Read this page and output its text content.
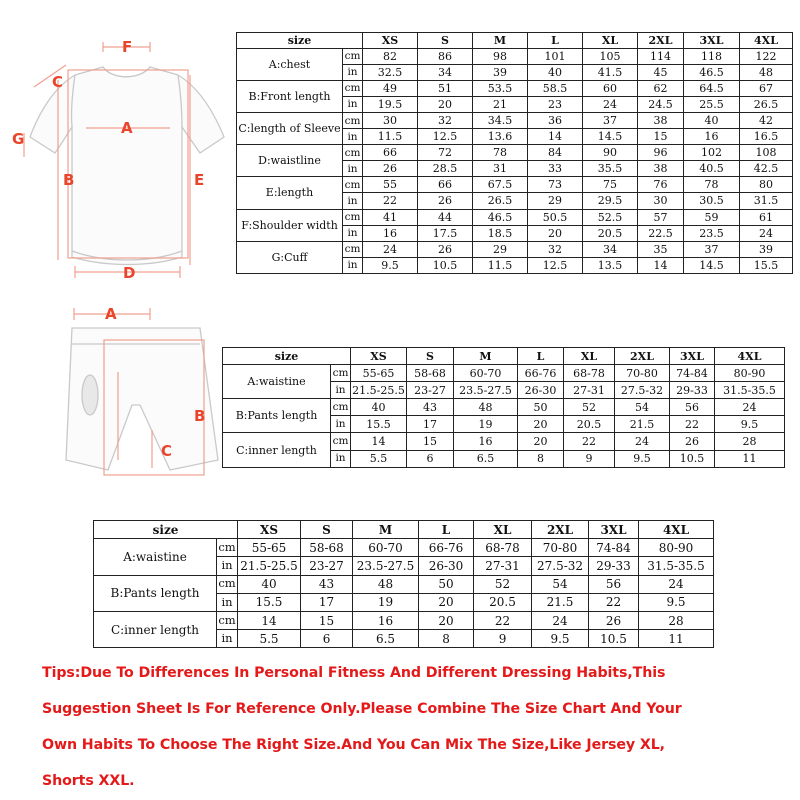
F
C
G
A
B	E
D
A
B
C
size		XS	S	M	L	XL	2XL	3XL	4XL
A:chest	cm	82	86	98	101	105	114	118	122
	in	32.5	34	39	40	41.5	45	46.5	48
B:Front length	cm	49	51	53.5	58.5	60	62	64.5	67
	in	19.5	20	21	23	24	24.5	25.5	26.5
C:length of Sleeve	cm	30	32	34.5	36	37	38	40	42
	in	11.5	12.5	13.6	14	14.5	15	16	16.5
D:waistline	cm	66	72	78	84	90	96	102	108
	in	26	28.5	31	33	35.5	38	40.5	42.5
E:length	cm	55	66	67.5	73	75	76	78	80
	in	22	26	26.5	29	29.5	30	30.5	31.5
F:Shoulder width	cm	41	44	46.5	50.5	52.5	57	59	61
	in	16	17.5	18.5	20	20.5	22.5	23.5	24
G:Cuff	cm	24	26	29	32	34	35	37	39
	in	9.5	10.5	11.5	12.5	13.5	14	14.5	15.5
size		XS	S	M	L	XL	2XL	3XL	4XL
A:waistine	cm	55-65	58-68	60-70	66-76	68-78	70-80	74-84	80-90
	in	21.5-25.5	23-27	23.5-27.5	26-30	27-31	27.5-32	29-33	31.5-35.5
B:Pants length	cm	40	43	48	50	52	54	56	24
	in	15.5	17	19	20	20.5	21.5	22	9.5
C:inner length	cm	14	15	16	20	22	24	26	28
	in	5.5	6	6.5	8	9	9.5	10.5	11
size		XS	S	M	L	XL	2XL	3XL	4XL
A:waistine	cm	55-65	58-68	60-70	66-76	68-78	70-80	74-84	80-90
	in	21.5-25.5	23-27	23.5-27.5	26-30	27-31	27.5-32	29-33	31.5-35.5
B:Pants length	cm	40	43	48	50	52	54	56	24
	in	15.5	17	19	20	20.5	21.5	22	9.5
C:inner length	cm	14	15	16	20	22	24	26	28
	in	5.5	6	6.5	8	9	9.5	10.5	11
Tips:Due To Differences In Personal Fitness And Different Dressing Habits,This
Suggestion Sheet Is For Reference Only.Please Combine The Size Chart And Your
Own Habits To Choose The Right Size.And You Can Mix The Size,Like Jersey XL,
Shorts XXL.
